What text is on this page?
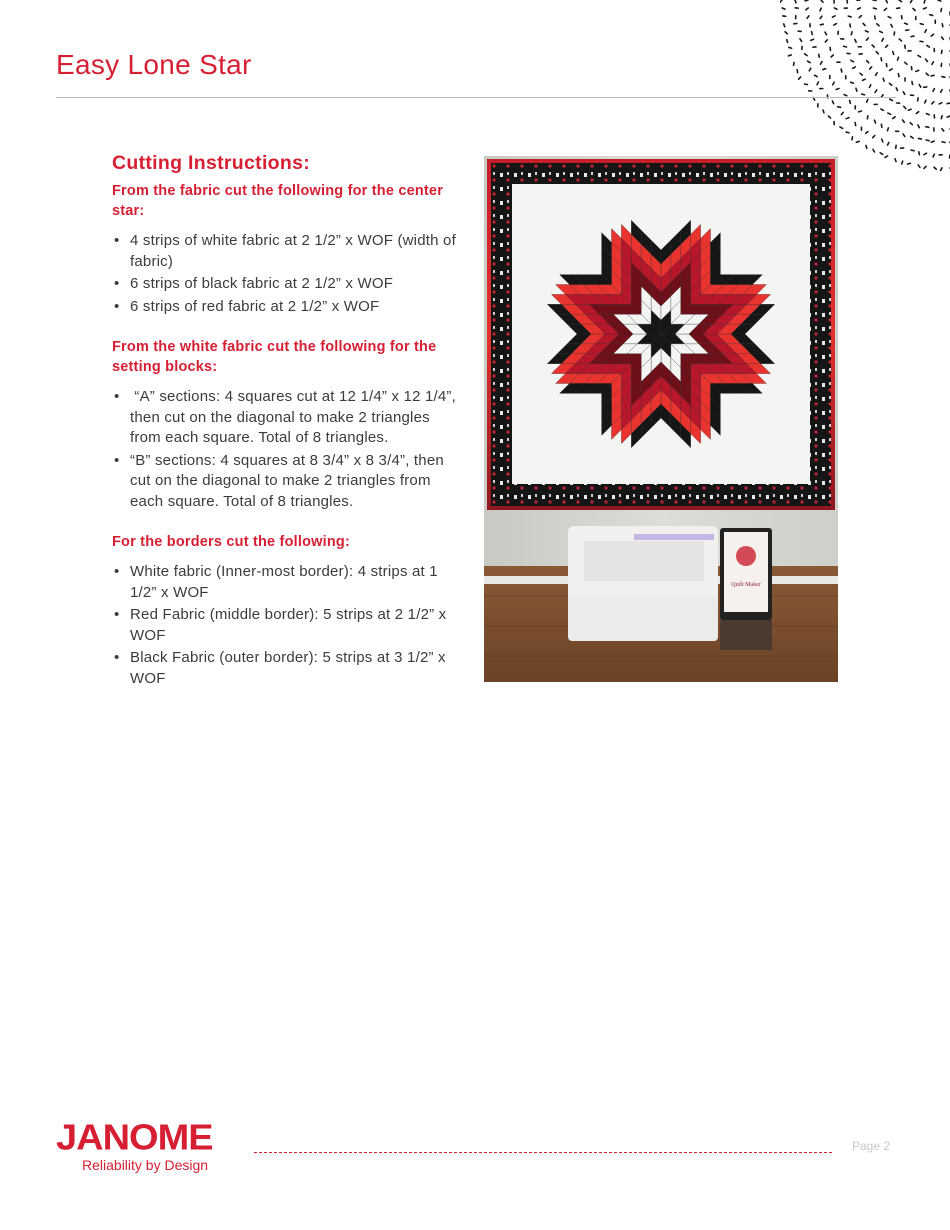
Easy Lone Star
Cutting Instructions:

From the fabric cut the following for the center star:

• 4 strips of white fabric at 2 1/2” x WOF (width of fabric)
• 6 strips of black fabric at 2 1/2” x WOF
• 6 strips of red fabric at 2 1/2” x WOF

From the white fabric cut the following for the setting blocks:

•  “A” sections: 4 squares cut at 12 1/4” x 12 1/4”, then cut on the diagonal to make 2 triangles from each square. Total of 8 triangles.
• “B” sections: 4 squares at 8 3/4” x 8 3/4”, then cut on the diagonal to make 2 triangles from each square. Total of 8 triangles.

For the borders cut the following:

• White fabric (Inner-most border): 4 strips at 1 1/2” x WOF
• Red Fabric (middle border): 5 strips at 2 1/2” x WOF
• Black Fabric (outer border): 5 strips at 3 1/2” x WOF
Quilt Maker
JANOME
Reliability by Design
Page 2
